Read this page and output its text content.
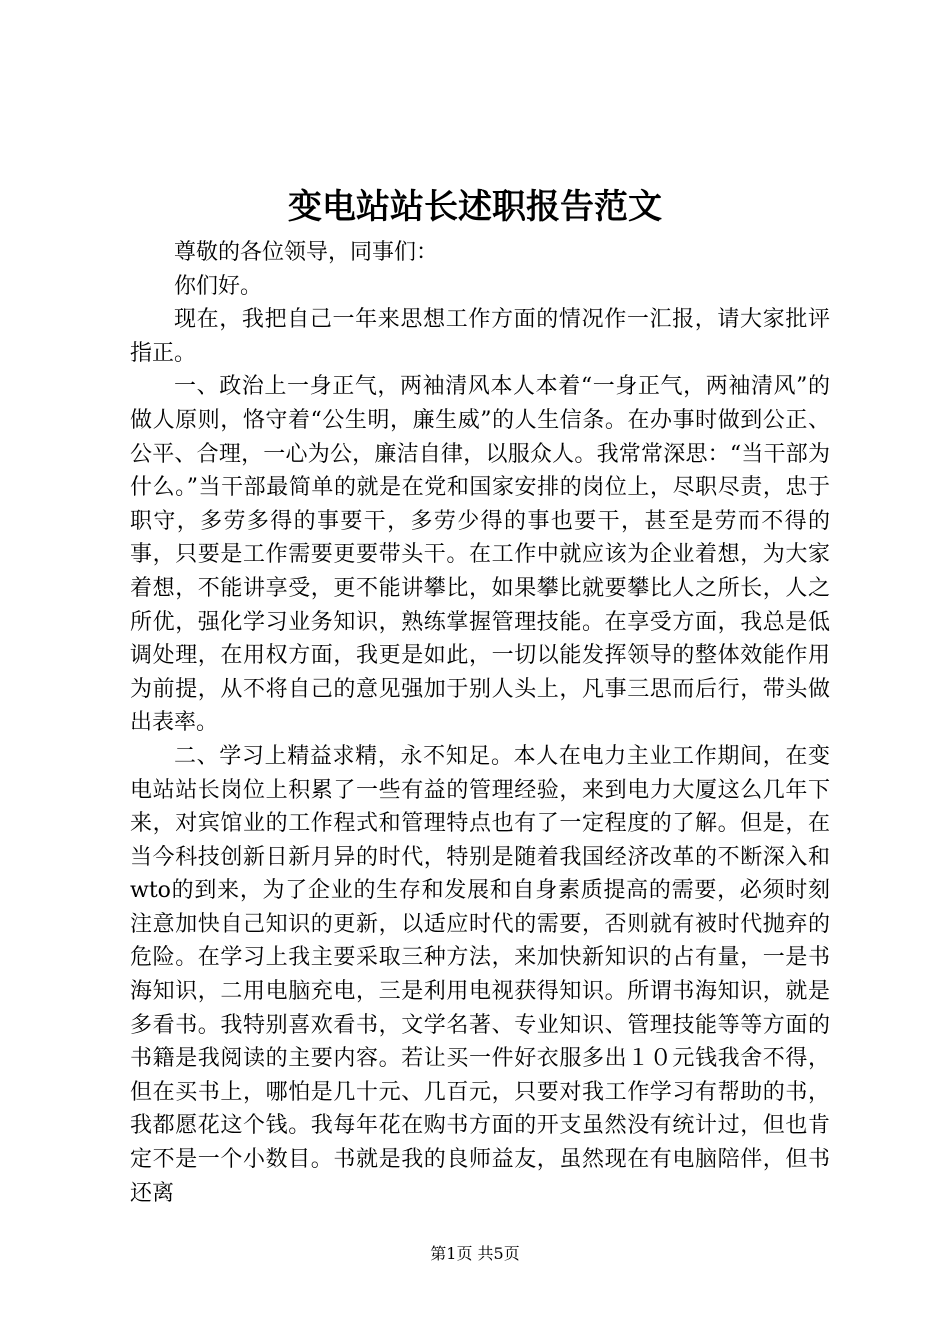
变电站站长述职报告范文

尊敬的各位领导，同事们：

你们好。

现在，我把自己一年来思想工作方面的情况作一汇报，请大家批评指正。

一、政治上一身正气，两袖清风本人本着“一身正气，两袖清风”的做人原则，恪守着“公生明，廉生威”的人生信条。在办事时做到公正、公平、合理，一心为公，廉洁自律，以服众人。我常常深思：“当干部为什么。”当干部最简单的就是在党和国家安排的岗位上，尽职尽责，忠于职守，多劳多得的事要干，多劳少得的事也要干，甚至是劳而不得的事，只要是工作需要更要带头干。在工作中就应该为企业着想，为大家着想，不能讲享受，更不能讲攀比，如果攀比就要攀比人之所长，人之所优，强化学习业务知识，熟练掌握管理技能。在享受方面，我总是低调处理，在用权方面，我更是如此，一切以能发挥领导的整体效能作用为前提，从不将自己的意见强加于别人头上，凡事三思而后行，带头做出表率。

二、学习上精益求精，永不知足。本人在电力主业工作期间，在变电站站长岗位上积累了一些有益的管理经验，来到电力大厦这么几年下来，对宾馆业的工作程式和管理特点也有了一定程度的了解。但是，在当今科技创新日新月异的时代，特别是随着我国经济改革的不断深入和wto的到来，为了企业的生存和发展和自身素质提高的需要，必须时刻注意加快自己知识的更新，以适应时代的需要，否则就有被时代抛弃的危险。在学习上我主要采取三种方法，来加快新知识的占有量，一是书海知识，二用电脑充电，三是利用电视获得知识。所谓书海知识，就是多看书。我特别喜欢看书，文学名著、专业知识、管理技能等等方面的书籍是我阅读的主要内容。若让买一件好衣服多出１０元钱我舍不得，但在买书上，哪怕是几十元、几百元，只要对我工作学习有帮助的书，我都愿花这个钱。我每年花在购书方面的开支虽然没有统计过，但也肯定不是一个小数目。书就是我的良师益友，虽然现在有电脑陪伴，但书还离

第1页 共5页
